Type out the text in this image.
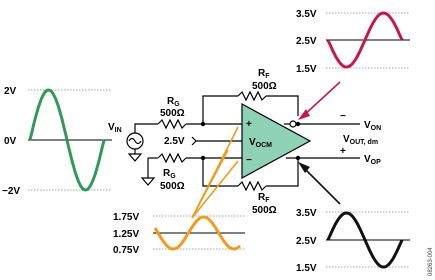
2V
0V
−2V
$V_{IN}$
$R_G$
500Ω
$R_F$
500Ω
2.5V
$R_G$
500Ω
$R_F$
500Ω
+
−
$V_{OCM}$
−
$V_{ON}$
+
$V_{OP}$
$V_{OUT, dm}$
3.5V
2.5V
1.5V
3.5V
2.5V
1.5V
1.75V
1.25V
0.75V	08263-004
